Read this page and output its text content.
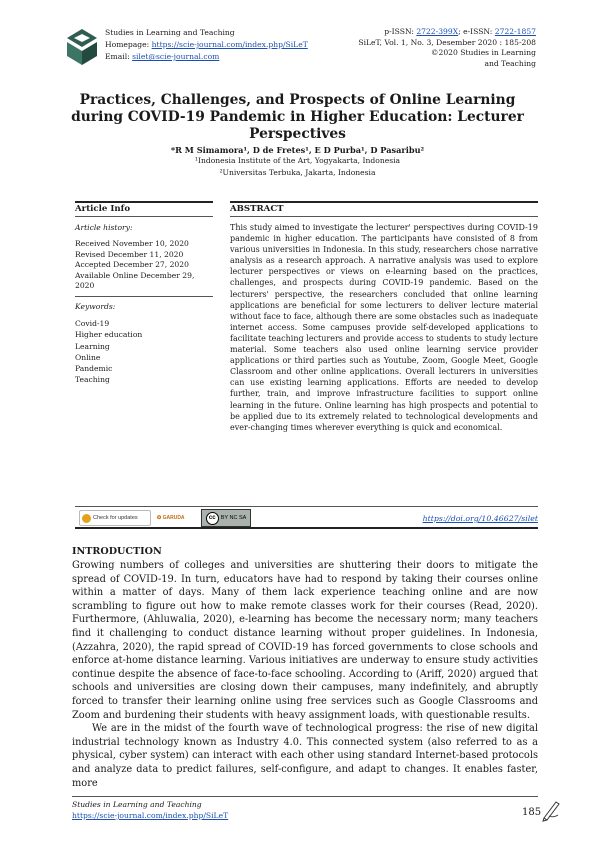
Studies in Learning and Teaching
Homepage: https://scie-journal.com/index.php/SiLeT
Email: silet@scie-journal.com
p-ISSN: 2722-399X; e-ISSN: 2722-1857
SiLeT, Vol. 1, No. 3, Desember 2020 : 185-208
©2020 Studies in Learning
and Teaching
Practices, Challenges, and Prospects of Online Learning during COVID-19 Pandemic in Higher Education: Lecturer Perspectives
*R M Simamora¹, D de Fretes¹, E D Purba¹, D Pasaribu²
¹Indonesia Institute of the Art, Yogyakarta, Indonesia
²Universitas Terbuka, Jakarta, Indonesia
Article Info
Article history:
Received November 10, 2020
Revised December 11, 2020
Accepted December 27, 2020
Available Online December 29,
2020
Keywords:
Covid-19
Higher education
Learning
Online
Pandemic
Teaching
ABSTRACT
This study aimed to investigate the lecturer' perspectives during COVID-19 pandemic in higher education. The participants have consisted of 8 from various universities in Indonesia. In this study, researchers chose narrative analysis as a research approach. A narrative analysis was used to explore lecturer perspectives or views on e-learning based on the practices, challenges, and prospects during COVID-19 pandemic. Based on the lecturers' perspective, the researchers concluded that online learning applications are beneficial for some lecturers to deliver lecture material without face to face, although there are some obstacles such as inadequate internet access. Some campuses provide self-developed applications to facilitate teaching lecturers and provide access to students to study lecture material. Some teachers also used online learning service provider applications or third parties such as Youtube, Zoom, Google Meet, Google Classroom and other online applications. Overall lecturers in universities can use existing learning applications. Efforts are needed to develop further, train, and improve infrastructure facilities to support online learning in the future. Online learning has high prospects and potential to be applied due to its extremely related to technological developments and ever-changing times wherever everything is quick and economical.
Check for updates	✪
GARUDA	cc BY NC SA	https://doi.org/10.46627/silet
INTRODUCTION

Growing numbers of colleges and universities are shuttering their doors to mitigate the spread of COVID-19. In turn, educators have had to respond by taking their courses online within a matter of days. Many of them lack experience teaching online and are now scrambling to figure out how to make remote classes work for their courses (Read, 2020). Furthermore, (Ahluwalia, 2020), e-learning has become the necessary norm; many teachers find it challenging to conduct distance learning without proper guidelines. In Indonesia, (Azzahra, 2020), the rapid spread of COVID-19 has forced governments to close schools and enforce at-home distance learning. Various initiatives are underway to ensure study activities continue despite the absence of face-to-face schooling. According to (Ariff, 2020) argued that schools and universities are closing down their campuses, many indefinitely, and abruptly forced to transfer their learning online using free services such as Google Classrooms and Zoom and burdening their students with heavy assignment loads, with questionable results.

We are in the midst of the fourth wave of technological progress: the rise of new digital industrial technology known as Industry 4.0. This connected system (also referred to as a physical, cyber system) can interact with each other using standard Internet-based protocols and analyze data to predict failures, self-configure, and adapt to changes. It enables faster, more

Studies in Learning and Teaching
https://scie-journal.com/index.php/SiLeT	185
